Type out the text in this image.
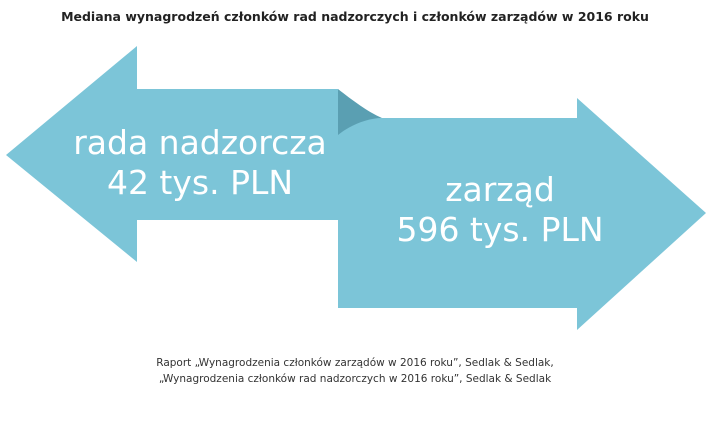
Mediana wynagrodzeń członków rad nadzorczych i członków zarządów w 2016 roku
rada nadzorcza
42 tys. PLN	zarząd
596 tys. PLN
Raport „Wynagrodzenia członków zarządów w 2016 roku”, Sedlak & Sedlak,
„Wynagrodzenia członków rad nadzorczych w 2016 roku”, Sedlak & Sedlak
